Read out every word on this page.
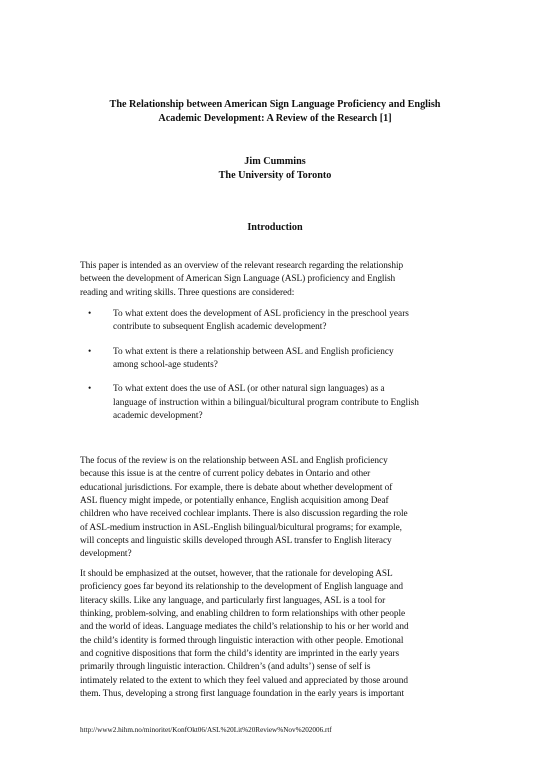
The Relationship between American Sign Language Proficiency and English
Academic Development: A Review of the Research [1]
Jim Cummins
The University of Toronto
Introduction
This paper is intended as an overview of the relevant research regarding the relationship
between the development of American Sign Language (ASL) proficiency and English
reading and writing skills. Three questions are considered:
• To what extent does the development of ASL proficiency in the preschool years
contribute to subsequent English academic development?
• To what extent is there a relationship between ASL and English proficiency
among school-age students?
• To what extent does the use of ASL (or other natural sign languages) as a
language of instruction within a bilingual/bicultural program contribute to English
academic development?
The focus of the review is on the relationship between ASL and English proficiency
because this issue is at the centre of current policy debates in Ontario and other
educational jurisdictions. For example, there is debate about whether development of
ASL fluency might impede, or potentially enhance, English acquisition among Deaf
children who have received cochlear implants. There is also discussion regarding the role
of ASL-medium instruction in ASL-English bilingual/bicultural programs; for example,
will concepts and linguistic skills developed through ASL transfer to English literacy
development?
It should be emphasized at the outset, however, that the rationale for developing ASL
proficiency goes far beyond its relationship to the development of English language and
literacy skills. Like any language, and particularly first languages, ASL is a tool for
thinking, problem-solving, and enabling children to form relationships with other people
and the world of ideas. Language mediates the child’s relationship to his or her world and
the child’s identity is formed through linguistic interaction with other people. Emotional
and cognitive dispositions that form the child’s identity are imprinted in the early years
primarily through linguistic interaction. Children’s (and adults’) sense of self is
intimately related to the extent to which they feel valued and appreciated by those around
them. Thus, developing a strong first language foundation in the early years is important
http://www2.hihm.no/minoritet/KonfOkt06/ASL%20Lit%20Review%Nov%202006.rtf
